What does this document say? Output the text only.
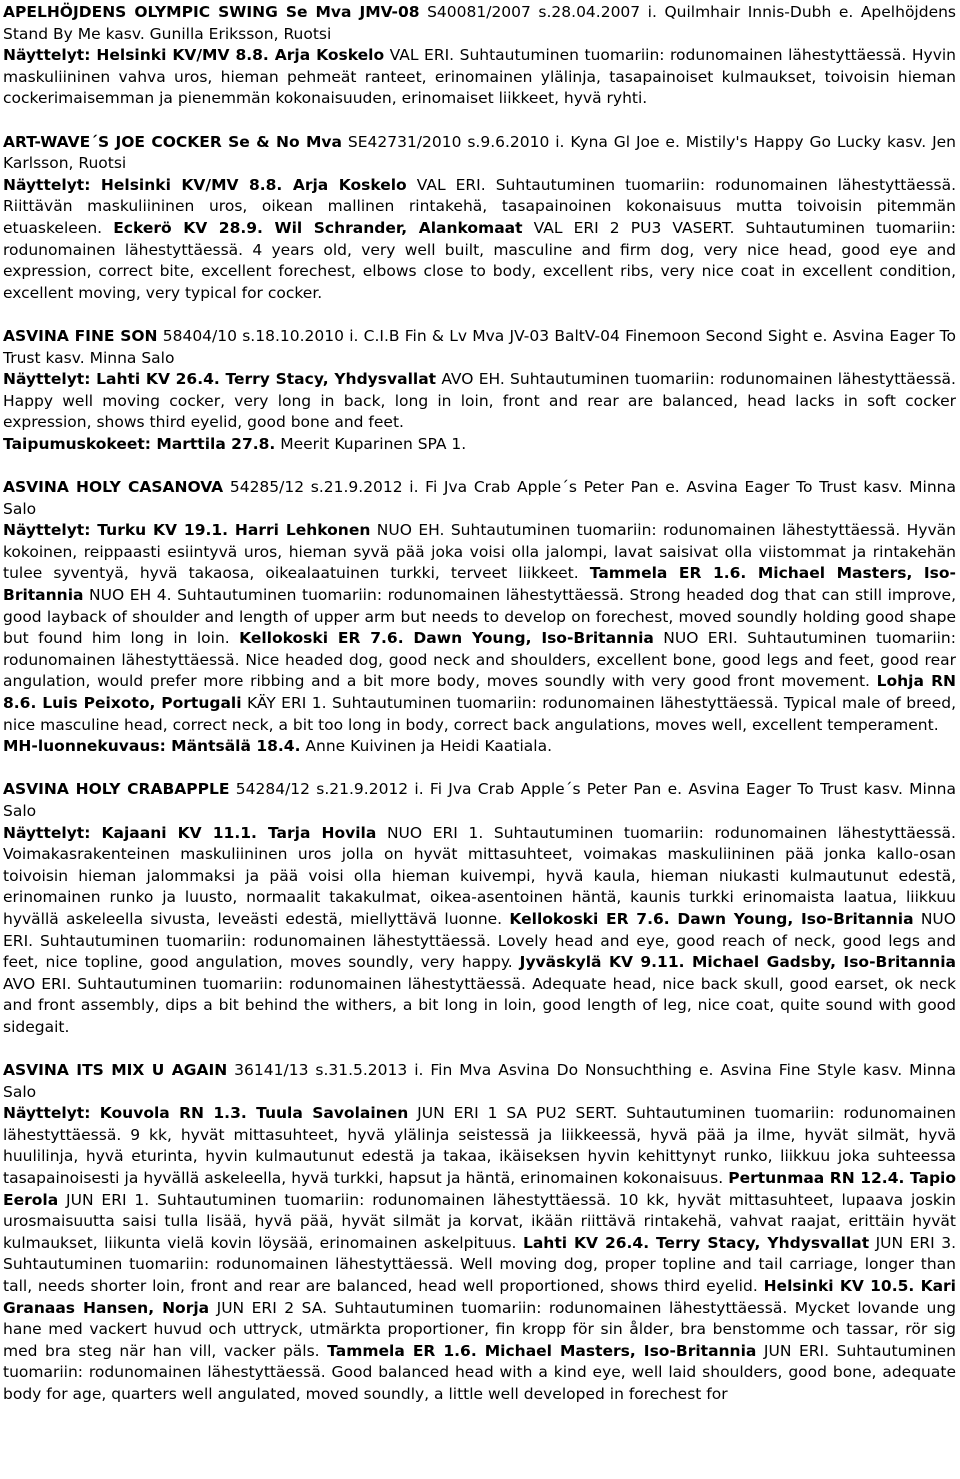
APELHÖJDENS OLYMPIC SWING Se Mva JMV-08 S40081/2007 s.28.04.2007 i. Quilmhair Innis-Dubh e. Apelhöjdens Stand By Me kasv. Gunilla Eriksson, Ruotsi

Näyttelyt: Helsinki KV/MV 8.8. Arja Koskelo VAL ERI. Suhtautuminen tuomariin: rodunomainen lähestyttäessä. Hyvin maskuliininen vahva uros, hieman pehmeät ranteet, erinomainen ylälinja, tasapainoiset kulmaukset, toivoisin hieman cockerimaisemman ja pienemmän kokonaisuuden, erinomaiset liikkeet, hyvä ryhti.

ART-WAVE´S JOE COCKER Se & No Mva SE42731/2010 s.9.6.2010 i. Kyna Gl Joe e. Mistily's Happy Go Lucky kasv. Jen Karlsson, Ruotsi

Näyttelyt: Helsinki KV/MV 8.8. Arja Koskelo VAL ERI. Suhtautuminen tuomariin: rodunomainen lähestyttäessä. Riittävän maskuliininen uros, oikean mallinen rintakehä, tasapainoinen kokonaisuus mutta toivoisin pitemmän etuaskeleen. Eckerö KV 28.9. Wil Schrander, Alankomaat VAL ERI 2 PU3 VASERT. Suhtautuminen tuomariin: rodunomainen lähestyttäessä. 4 years old, very well built, masculine and firm dog, very nice head, good eye and expression, correct bite, excellent forechest, elbows close to body, excellent ribs, very nice coat in excellent condition, excellent moving, very typical for cocker.

ASVINA FINE SON 58404/10 s.18.10.2010 i. C.I.B Fin & Lv Mva JV-03 BaltV-04 Finemoon Second Sight e. Asvina Eager To Trust kasv. Minna Salo

Näyttelyt: Lahti KV 26.4. Terry Stacy, Yhdysvallat AVO EH. Suhtautuminen tuomariin: rodunomainen lähestyttäessä. Happy well moving cocker, very long in back, long in loin, front and rear are balanced, head lacks in soft cocker expression, shows third eyelid, good bone and feet.

Taipumuskokeet: Marttila 27.8. Meerit Kuparinen SPA 1.

ASVINA HOLY CASANOVA 54285/12 s.21.9.2012 i. Fi Jva Crab Apple´s Peter Pan e. Asvina Eager To Trust kasv. Minna Salo

Näyttelyt: Turku KV 19.1. Harri Lehkonen NUO EH. Suhtautuminen tuomariin: rodunomainen lähestyttäessä. Hyvän kokoinen, reippaasti esiintyvä uros, hieman syvä pää joka voisi olla jalompi, lavat saisivat olla viistommat ja rintakehän tulee syventyä, hyvä takaosa, oikealaatuinen turkki, terveet liikkeet. Tammela ER 1.6. Michael Masters, Iso-Britannia NUO EH 4. Suhtautuminen tuomariin: rodunomainen lähestyttäessä. Strong headed dog that can still improve, good layback of shoulder and length of upper arm but needs to develop on forechest, moved soundly holding good shape but found him long in loin. Kellokoski ER 7.6. Dawn Young, Iso-Britannia NUO ERI. Suhtautuminen tuomariin: rodunomainen lähestyttäessä. Nice headed dog, good neck and shoulders, excellent bone, good legs and feet, good rear angulation, would prefer more ribbing and a bit more body, moves soundly with very good front movement. Lohja RN 8.6. Luis Peixoto, Portugali KÄY ERI 1. Suhtautuminen tuomariin: rodunomainen lähestyttäessä. Typical male of breed, nice masculine head, correct neck, a bit too long in body, correct back angulations, moves well, excellent temperament.

MH-luonnekuvaus: Mäntsälä 18.4. Anne Kuivinen ja Heidi Kaatiala.

ASVINA HOLY CRABAPPLE 54284/12 s.21.9.2012 i. Fi Jva Crab Apple´s Peter Pan e. Asvina Eager To Trust kasv. Minna Salo

Näyttelyt: Kajaani KV 11.1. Tarja Hovila NUO ERI 1. Suhtautuminen tuomariin: rodunomainen lähestyttäessä. Voimakasrakenteinen maskuliininen uros jolla on hyvät mittasuhteet, voimakas maskuliininen pää jonka kallo-osan toivoisin hieman jalommaksi ja pää voisi olla hieman kuivempi, hyvä kaula, hieman niukasti kulmautunut edestä, erinomainen runko ja luusto, normaalit takakulmat, oikea-asentoinen häntä, kaunis turkki erinomaista laatua, liikkuu hyvällä askeleella sivusta, leveästi edestä, miellyttävä luonne. Kellokoski ER 7.6. Dawn Young, Iso-Britannia NUO ERI. Suhtautuminen tuomariin: rodunomainen lähestyttäessä. Lovely head and eye, good reach of neck, good legs and feet, nice topline, good angulation, moves soundly, very happy. Jyväskylä KV 9.11. Michael Gadsby, Iso-Britannia AVO ERI. Suhtautuminen tuomariin: rodunomainen lähestyttäessä. Adequate head, nice back skull, good earset, ok neck and front assembly, dips a bit behind the withers, a bit long in loin, good length of leg, nice coat, quite sound with good sidegait.

ASVINA ITS MIX U AGAIN 36141/13 s.31.5.2013 i. Fin Mva Asvina Do Nonsuchthing e. Asvina Fine Style kasv. Minna Salo

Näyttelyt: Kouvola RN 1.3. Tuula Savolainen JUN ERI 1 SA PU2 SERT. Suhtautuminen tuomariin: rodunomainen lähestyttäessä. 9 kk, hyvät mittasuhteet, hyvä ylälinja seistessä ja liikkeessä, hyvä pää ja ilme, hyvät silmät, hyvä huulilinja, hyvä eturinta, hyvin kulmautunut edestä ja takaa, ikäiseksen hyvin kehittynyt runko, liikkuu joka suhteessa tasapainoisesti ja hyvällä askeleella, hyvä turkki, hapsut ja häntä, erinomainen kokonaisuus. Pertunmaa RN 12.4. Tapio Eerola JUN ERI 1. Suhtautuminen tuomariin: rodunomainen lähestyttäessä. 10 kk, hyvät mittasuhteet, lupaava joskin urosmaisuutta saisi tulla lisää, hyvä pää, hyvät silmät ja korvat, ikään riittävä rintakehä, vahvat raajat, erittäin hyvät kulmaukset, liikunta vielä kovin löysää, erinomainen askelpituus. Lahti KV 26.4. Terry Stacy, Yhdysvallat JUN ERI 3. Suhtautuminen tuomariin: rodunomainen lähestyttäessä. Well moving dog, proper topline and tail carriage, longer than tall, needs shorter loin, front and rear are balanced, head well proportioned, shows third eyelid. Helsinki KV 10.5. Kari Granaas Hansen, Norja JUN ERI 2 SA. Suhtautuminen tuomariin: rodunomainen lähestyttäessä. Mycket lovande ung hane med vackert huvud och uttryck, utmärkta proportioner, fin kropp för sin ålder, bra benstomme och tassar, rör sig med bra steg när han vill, vacker päls. Tammela ER 1.6. Michael Masters, Iso-Britannia JUN ERI. Suhtautuminen tuomariin: rodunomainen lähestyttäessä. Good balanced head with a kind eye, well laid shoulders, good bone, adequate body for age, quarters well angulated, moved soundly, a little well developed in forechest for
